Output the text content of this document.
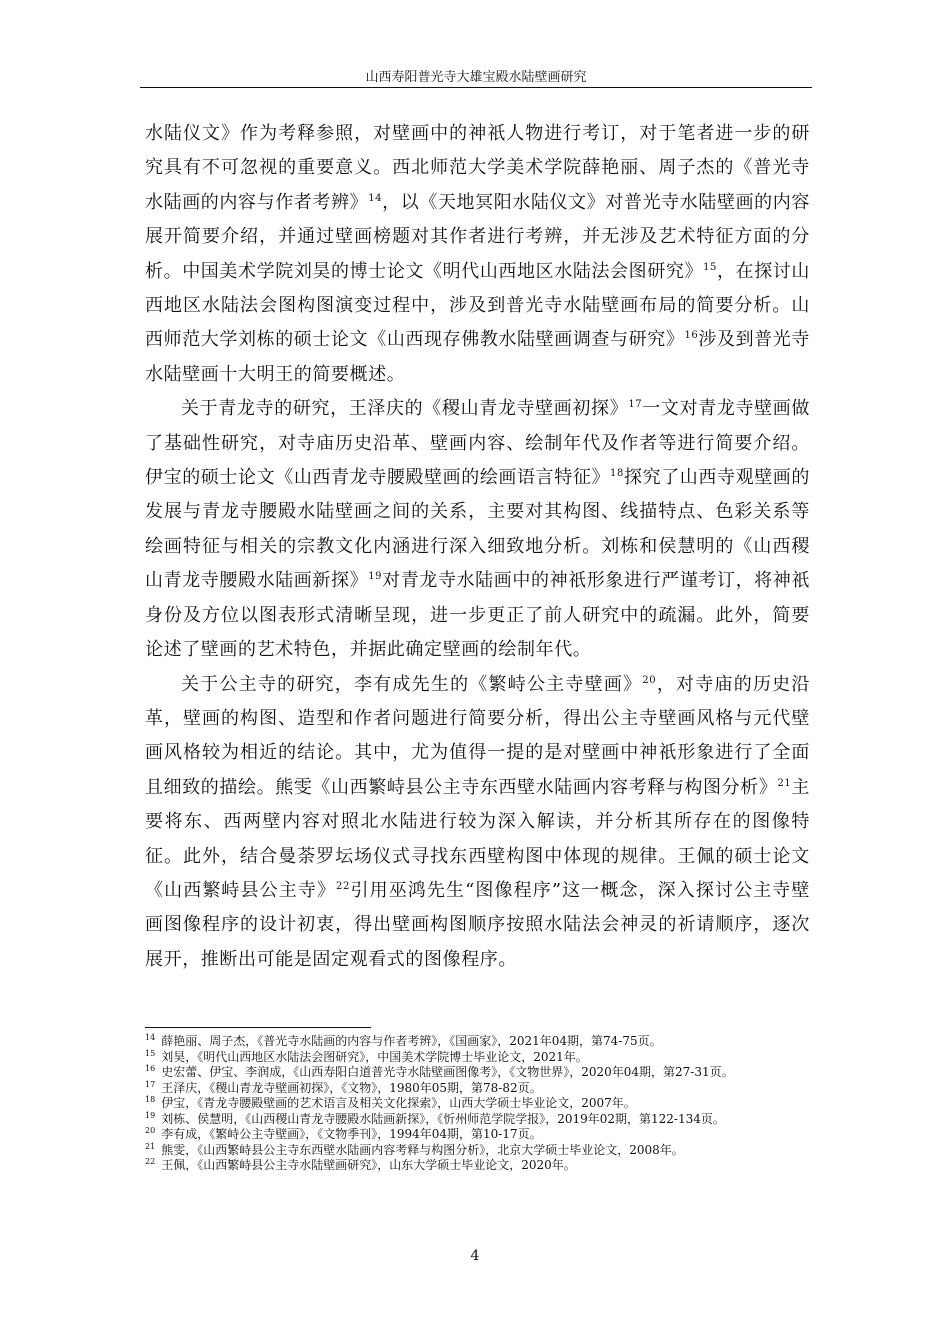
山西寿阳普光寺大雄宝殿水陆壁画研究

水陆仪文》作为考释参照，对壁画中的神祇人物进行考订，对于笔者进一步的研究具有不可忽视的重要意义。西北师范大学美术学院薛艳丽、周子杰的《普光寺水陆画的内容与作者考辨》$^{14}$，以《天地冥阳水陆仪文》对普光寺水陆壁画的内容展开简要介绍，并通过壁画榜题对其作者进行考辨，并无涉及艺术特征方面的分析。中国美术学院刘昊的博士论文《明代山西地区水陆法会图研究》$^{15}$，在探讨山西地区水陆法会图构图演变过程中，涉及到普光寺水陆壁画布局的简要分析。山西师范大学刘栋的硕士论文《山西现存佛教水陆壁画调查与研究》$^{16}$涉及到普光寺水陆壁画十大明王的简要概述。

关于青龙寺的研究，王泽庆的《稷山青龙寺壁画初探》$^{17}$一文对青龙寺壁画做了基础性研究，对寺庙历史沿革、壁画内容、绘制年代及作者等进行简要介绍。伊宝的硕士论文《山西青龙寺腰殿壁画的绘画语言特征》$^{18}$探究了山西寺观壁画的发展与青龙寺腰殿水陆壁画之间的关系，主要对其构图、线描特点、色彩关系等绘画特征与相关的宗教文化内涵进行深入细致地分析。刘栋和侯慧明的《山西稷山青龙寺腰殿水陆画新探》$^{19}$对青龙寺水陆画中的神祇形象进行严谨考订，将神祇身份及方位以图表形式清晰呈现，进一步更正了前人研究中的疏漏。此外，简要论述了壁画的艺术特色，并据此确定壁画的绘制年代。

关于公主寺的研究，李有成先生的《繁峙公主寺壁画》$^{20}$，对寺庙的历史沿革，壁画的构图、造型和作者问题进行简要分析，得出公主寺壁画风格与元代壁画风格较为相近的结论。其中，尤为值得一提的是对壁画中神祇形象进行了全面且细致的描绘。熊雯《山西繁峙县公主寺东西壁水陆画内容考释与构图分析》$^{21}$主要将东、西两壁内容对照北水陆进行较为深入解读，并分析其所存在的图像特征。此外，结合曼荼罗坛场仪式寻找东西壁构图中体现的规律。王佩的硕士论文《山西繁峙县公主寺》$^{22}$引用巫鸿先生“图像程序”这一概念，深入探讨公主寺壁画图像程序的设计初衷，得出壁画构图顺序按照水陆法会神灵的祈请顺序，逐次展开，推断出可能是固定观看式的图像程序。

$^{14}$ 薛艳丽、周子杰，《普光寺水陆画的内容与作者考辨》，《国画家》，2021年04期，第74-75页。

$^{15}$ 刘昊，《明代山西地区水陆法会图研究》，中国美术学院博士毕业论文，2021年。

$^{16}$ 史宏蕾、伊宝、李润成，《山西寿阳白道普光寺水陆壁画图像考》，《文物世界》，2020年04期，第27-31页。

$^{17}$ 王泽庆，《稷山青龙寺壁画初探》，《文物》，1980年05期，第78-82页。

$^{18}$ 伊宝，《青龙寺腰殿壁画的艺术语言及相关文化探索》，山西大学硕士毕业论文，2007年。

$^{19}$ 刘栋、侯慧明，《山西稷山青龙寺腰殿水陆画新探》，《忻州师范学院学报》，2019年02期，第122-134页。

$^{20}$ 李有成，《繁峙公主寺壁画》，《文物季刊》，1994年04期，第10-17页。

$^{21}$ 熊雯，《山西繁峙县公主寺东西壁水陆画内容考释与构图分析》，北京大学硕士毕业论文，2008年。

$^{22}$ 王佩，《山西繁峙县公主寺水陆壁画研究》，山东大学硕士毕业论文，2020年。

4
